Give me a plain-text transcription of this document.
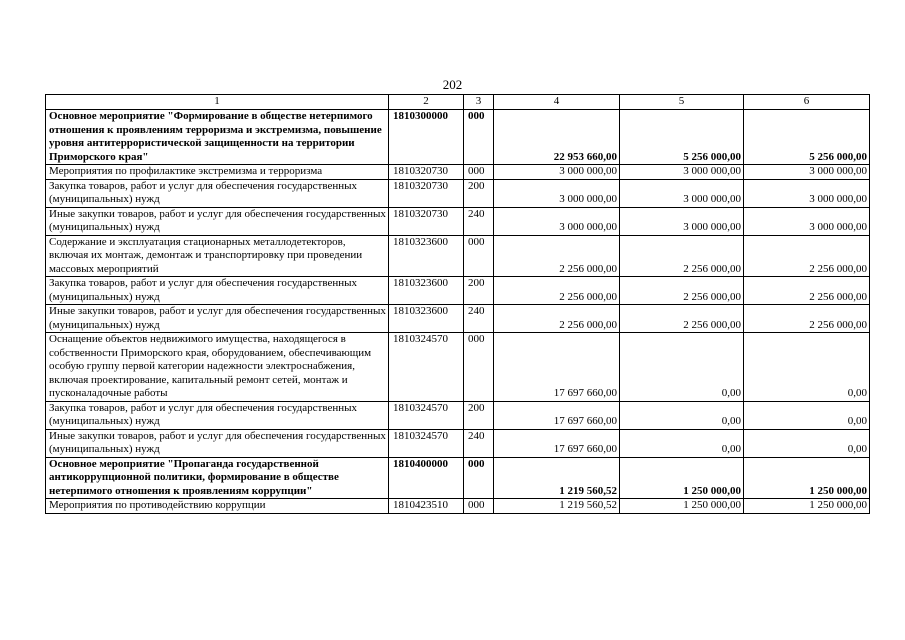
202
1	2	3	4	5	6
Основное мероприятие "Формирование в обществе нетерпимого отношения к проявлениям терроризма и экстремизма, повышение уровня антитеррористической защищенности на территории Приморского края"	1810300000	000	22 953 660,00	5 256 000,00	5 256 000,00
Мероприятия по профилактике экстремизма и терроризма	1810320730	000	3 000 000,00	3 000 000,00	3 000 000,00
Закупка товаров, работ и услуг для обеспечения государственных (муниципальных) нужд	1810320730	200	3 000 000,00	3 000 000,00	3 000 000,00
Иные закупки товаров, работ и услуг для обеспечения государственных (муниципальных) нужд	1810320730	240	3 000 000,00	3 000 000,00	3 000 000,00
Содержание и эксплуатация стационарных металлодетекторов, включая их монтаж, демонтаж и транспортировку при проведении массовых мероприятий	1810323600	000	2 256 000,00	2 256 000,00	2 256 000,00
Закупка товаров, работ и услуг для обеспечения государственных (муниципальных) нужд	1810323600	200	2 256 000,00	2 256 000,00	2 256 000,00
Иные закупки товаров, работ и услуг для обеспечения государственных (муниципальных) нужд	1810323600	240	2 256 000,00	2 256 000,00	2 256 000,00
Оснащение объектов недвижимого имущества, находящегося в собственности Приморского края, оборудованием, обеспечивающим особую группу первой категории надежности электроснабжения, включая проектирование, капитальный ремонт сетей, монтаж и пусконаладочные работы	1810324570	000	17 697 660,00	0,00	0,00
Закупка товаров, работ и услуг для обеспечения государственных (муниципальных) нужд	1810324570	200	17 697 660,00	0,00	0,00
Иные закупки товаров, работ и услуг для обеспечения государственных (муниципальных) нужд	1810324570	240	17 697 660,00	0,00	0,00
Основное мероприятие "Пропаганда государственной антикоррупционной политики, формирование в обществе нетерпимого отношения к проявлениям коррупции"	1810400000	000	1 219 560,52	1 250 000,00	1 250 000,00
Мероприятия по противодействию коррупции	1810423510	000	1 219 560,52	1 250 000,00	1 250 000,00
